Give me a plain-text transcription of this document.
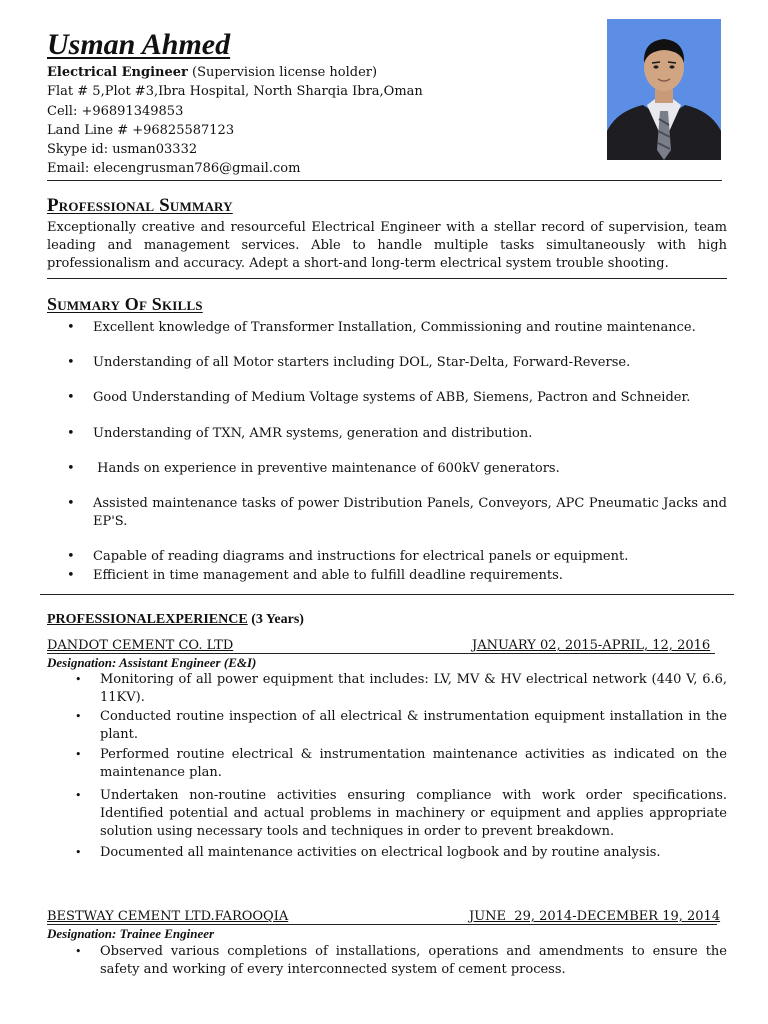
Usman Ahmed
Electrical Engineer (Supervision license holder)
Flat # 5,Plot #3,Ibra Hospital, North Sharqia Ibra,Oman
Cell: +96891349853
Land Line # +96825587123
Skype id: usman03332
Email: elecengrusman786@gmail.com
Professional Summary
Exceptionally creative and resourceful Electrical Engineer with a stellar record of supervision, team leading and management services. Able to handle multiple tasks simultaneously with high professionalism and accuracy. Adept a short-and long-term electrical system trouble shooting.
Summary Of Skills
• Excellent knowledge of Transformer Installation, Commissioning and routine maintenance.
• Understanding of all Motor starters including DOL, Star-Delta, Forward-Reverse.
• Good Understanding of Medium Voltage systems of ABB, Siemens, Pactron and Schneider.
• Understanding of TXN, AMR systems, generation and distribution.
• Hands on experience in preventive maintenance of 600kV generators.
• Assisted maintenance tasks of power Distribution Panels, Conveyors, APC Pneumatic Jacks and EP'S.
• Capable of reading diagrams and instructions for electrical panels or equipment.
• Efficient in time management and able to fulfill deadline requirements.
PROFESSIONALEXPERIENCE (3 Years)
DANDOT CEMENT CO. LTD	JANUARY 02, 2015-APRIL, 12, 2016
Designation: Assistant Engineer (E&I)
• Monitoring of all power equipment that includes: LV, MV & HV electrical network (440 V, 6.6, 11KV).
• Conducted routine inspection of all electrical & instrumentation equipment installation in the plant.
• Performed routine electrical & instrumentation maintenance activities as indicated on the maintenance plan.
• Undertaken non-routine activities ensuring compliance with work order specifications. Identified potential and actual problems in machinery or equipment and applies appropriate solution using necessary tools and techniques in order to prevent breakdown.
• Documented all maintenance activities on electrical logbook and by routine analysis.
BESTWAY CEMENT LTD.FAROOQIA	JUNE  29, 2014-DECEMBER 19, 2014
Designation: Trainee Engineer
• Observed various completions of installations, operations and amendments to ensure the safety and working of every interconnected system of cement process.
